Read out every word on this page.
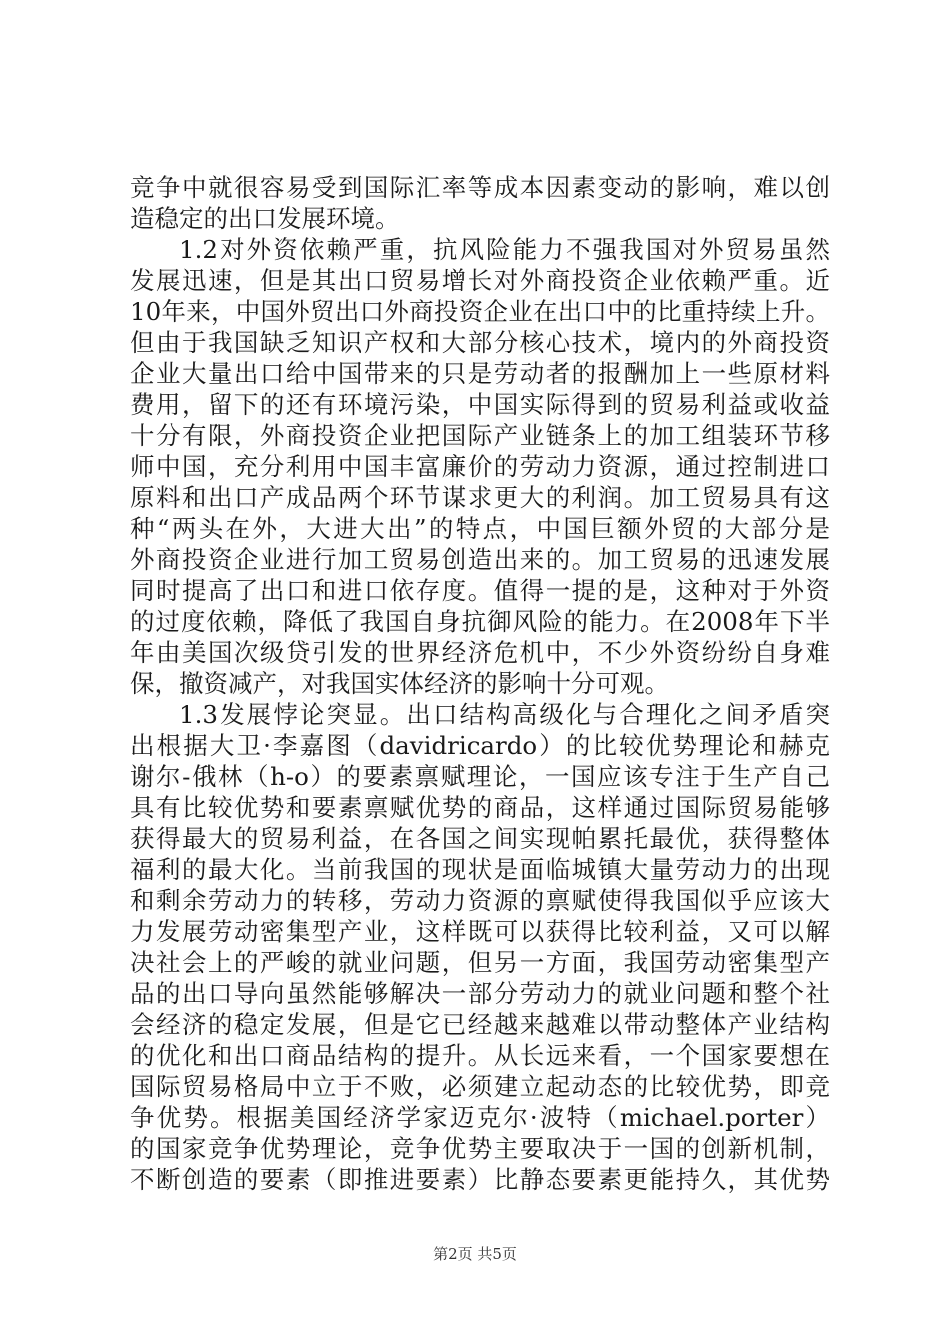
竞争中就很容易受到国际汇率等成本因素变动的影响，难以创
造稳定的出口发展环境。
1.2对外资依赖严重，抗风险能力不强我国对外贸易虽然
发展迅速，但是其出口贸易增长对外商投资企业依赖严重。近
10年来，中国外贸出口外商投资企业在出口中的比重持续上升。
但由于我国缺乏知识产权和大部分核心技术，境内的外商投资
企业大量出口给中国带来的只是劳动者的报酬加上一些原材料
费用，留下的还有环境污染，中国实际得到的贸易利益或收益
十分有限，外商投资企业把国际产业链条上的加工组装环节移
师中国，充分利用中国丰富廉价的劳动力资源，通过控制进口
原料和出口产成品两个环节谋求更大的利润。加工贸易具有这
种“两头在外，大进大出”的特点，中国巨额外贸的大部分是
外商投资企业进行加工贸易创造出来的。加工贸易的迅速发展
同时提高了出口和进口依存度。值得一提的是，这种对于外资
的过度依赖，降低了我国自身抗御风险的能力。在2008年下半
年由美国次级贷引发的世界经济危机中，不少外资纷纷自身难
保，撤资减产，对我国实体经济的影响十分可观。
1.3发展悖论突显。出口结构高级化与合理化之间矛盾突
出根据大卫·李嘉图（davidricardo）的比较优势理论和赫克
谢尔-俄林（h-o）的要素禀赋理论，一国应该专注于生产自己
具有比较优势和要素禀赋优势的商品，这样通过国际贸易能够
获得最大的贸易利益，在各国之间实现帕累托最优，获得整体
福利的最大化。当前我国的现状是面临城镇大量劳动力的出现
和剩余劳动力的转移，劳动力资源的禀赋使得我国似乎应该大
力发展劳动密集型产业，这样既可以获得比较利益，又可以解
决社会上的严峻的就业问题，但另一方面，我国劳动密集型产
品的出口导向虽然能够解决一部分劳动力的就业问题和整个社
会经济的稳定发展，但是它已经越来越难以带动整体产业结构
的优化和出口商品结构的提升。从长远来看，一个国家要想在
国际贸易格局中立于不败，必须建立起动态的比较优势，即竞
争优势。根据美国经济学家迈克尔·波特（michael.porter）
的国家竞争优势理论，竞争优势主要取决于一国的创新机制，
不断创造的要素（即推进要素）比静态要素更能持久，其优势
第2页 共5页
